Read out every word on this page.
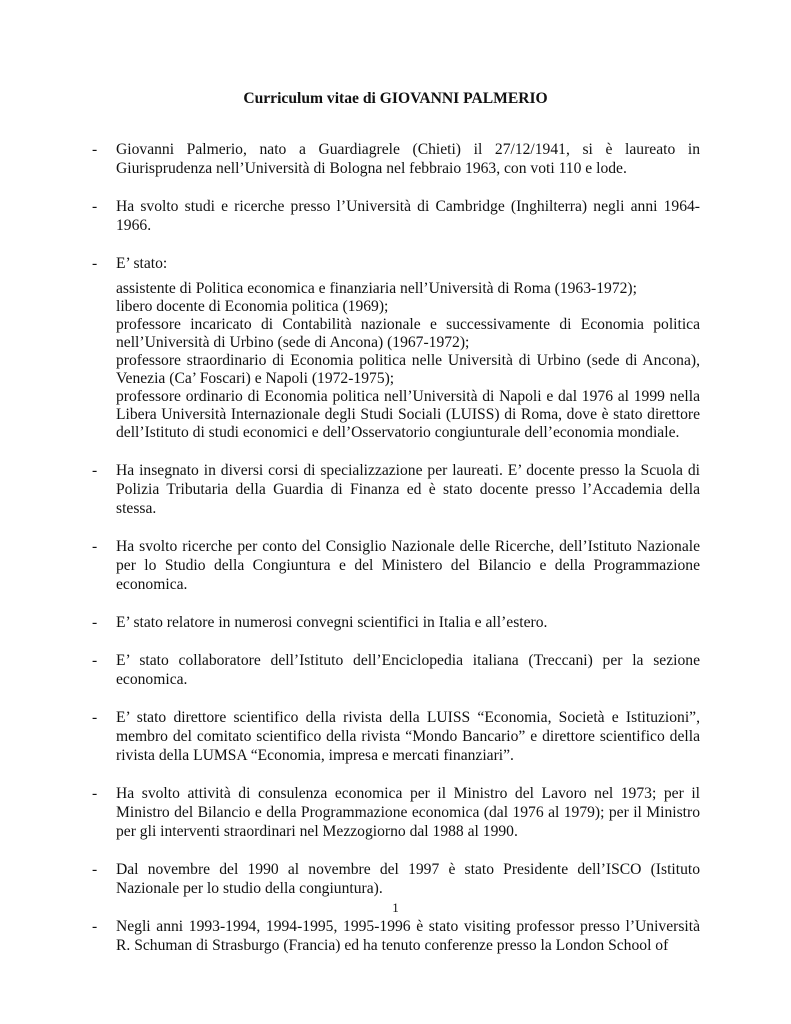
Curriculum vitae di GIOVANNI PALMERIO
- Giovanni Palmerio, nato a Guardiagrele (Chieti) il 27/12/1941, si è laureato in Giurisprudenza nell’Università di Bologna nel febbraio 1963, con voti 110 e lode.
- Ha svolto studi e ricerche presso l’Università di Cambridge (Inghilterra) negli anni 1964-1966.
- E’ stato:
assistente di Politica economica e finanziaria nell’Università di Roma (1963-1972);
libero docente di Economia politica (1969);
professore incaricato di Contabilità nazionale e successivamente di Economia politica nell’Università di Urbino (sede di Ancona) (1967-1972);
professore straordinario di Economia politica nelle Università di Urbino (sede di Ancona), Venezia (Ca’ Foscari) e Napoli (1972-1975);
professore ordinario di Economia politica nell’Università di Napoli e dal 1976 al 1999 nella Libera Università Internazionale degli Studi Sociali (LUISS) di Roma, dove è stato direttore dell’Istituto di studi economici e dell’Osservatorio congiunturale dell’economia mondiale.
- Ha insegnato in diversi corsi di specializzazione per laureati. E’ docente presso la Scuola di Polizia Tributaria della Guardia di Finanza ed è stato docente presso l’Accademia della stessa.
- Ha svolto ricerche per conto del Consiglio Nazionale delle Ricerche, dell’Istituto Nazionale per lo Studio della Congiuntura e del Ministero del Bilancio e della Programmazione economica.
- E’ stato relatore in numerosi convegni scientifici in Italia e all’estero.
- E’ stato collaboratore dell’Istituto dell’Enciclopedia italiana (Treccani) per la sezione economica.
- E’ stato direttore scientifico della rivista della LUISS “Economia, Società e Istituzioni”, membro del comitato scientifico della rivista “Mondo Bancario” e direttore scientifico della rivista della LUMSA “Economia, impresa e mercati finanziari”.
- Ha svolto attività di consulenza economica per il Ministro del Lavoro nel 1973; per il Ministro del Bilancio e della Programmazione economica (dal 1976 al 1979); per il Ministro per gli interventi straordinari nel Mezzogiorno dal 1988 al 1990.
- Dal novembre del 1990 al novembre del 1997 è stato Presidente dell’ISCO (Istituto Nazionale per lo studio della congiuntura).
- Negli anni 1993-1994, 1994-1995, 1995-1996 è stato visiting professor presso l’Università R. Schuman di Strasburgo (Francia) ed ha tenuto conferenze presso la London School of
1
